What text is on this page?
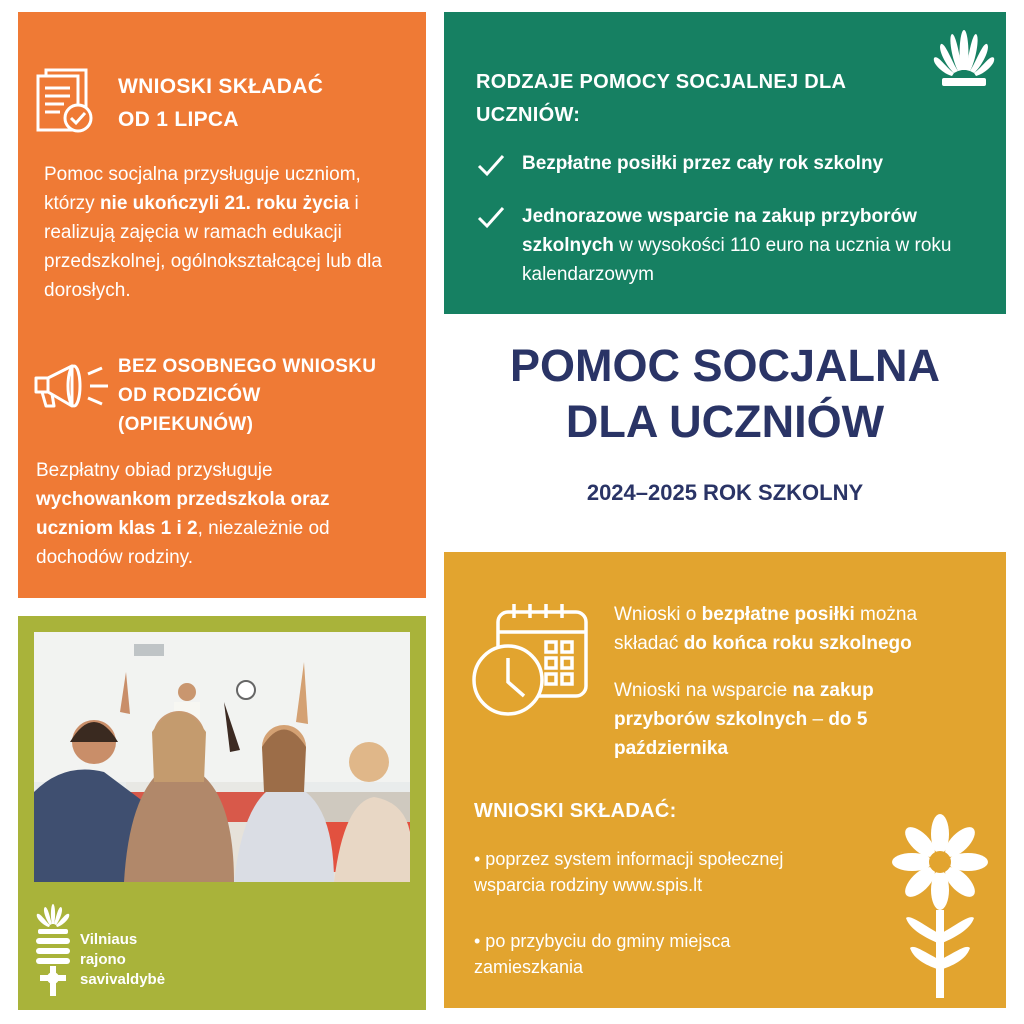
WNIOSKI SKŁADAĆ
OD 1 LIPCA
Pomoc socjalna przysługuje uczniom, którzy nie ukończyli 21. roku życia i realizują zajęcia w ramach edukacji przedszkolnej, ogólnokształcącej lub dla dorosłych.
BEZ OSOBNEGO WNIOSKU
OD RODZICÓW
(OPIEKUNÓW)
Bezpłatny obiad przysługuje wychowankom przedszkola oraz uczniom klas 1 i 2, niezależnie od dochodów rodziny.
RODZAJE POMOCY SOCJALNEJ DLA
UCZNIÓW:
Bezpłatne posiłki przez cały rok szkolny
Jednorazowe wsparcie na zakup przyborów szkolnych w wysokości 110 euro na ucznia w roku kalendarzowym
POMOC SOCJALNA
DLA UCZNIÓW
2024–2025 ROK SZKOLNY
Vilniaus
rajono
savivaldybė
Wnioski o bezpłatne posiłki można składać do końca roku szkolnego
Wnioski na wsparcie na zakup przyborów szkolnych – do 5 października
WNIOSKI SKŁADAĆ:
• poprzez system informacji społecznej wsparcia rodziny www.spis.lt
• po przybyciu do gminy miejsca zamieszkania
